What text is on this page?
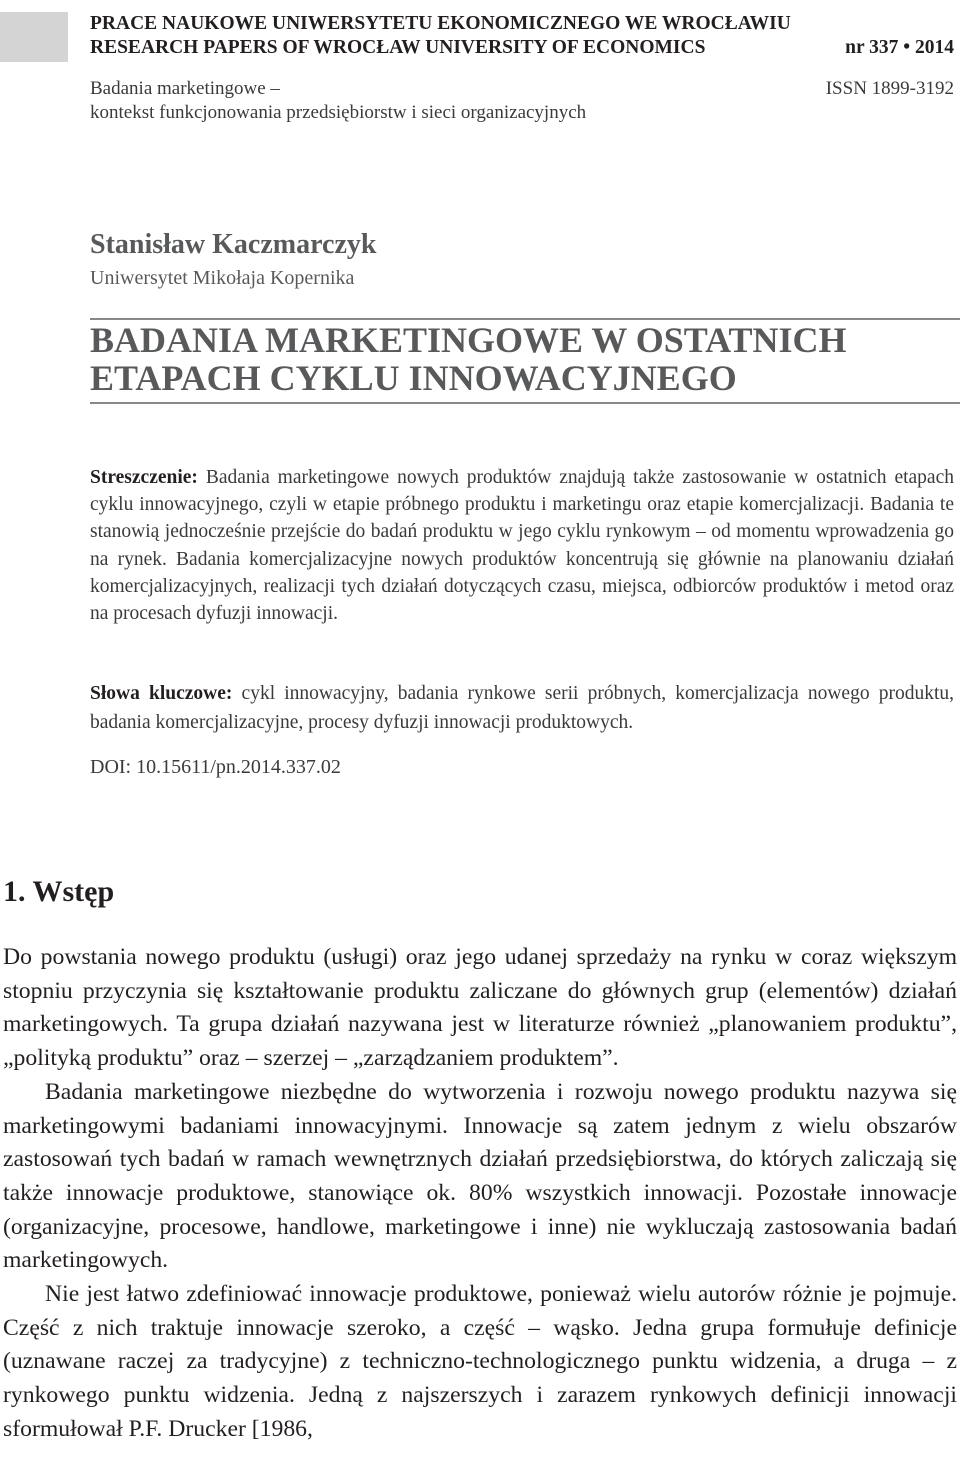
PRACE NAUKOWE UNIWERSYTETU EKONOMICZNEGO WE WROCŁAWIU
RESEARCH PAPERS OF WROCŁAW UNIVERSITY OF ECONOMICS	nr 337 • 2014
Badania marketingowe –	ISSN 1899-3192
kontekst funkcjonowania przedsiębiorstw i sieci organizacyjnych
Stanisław Kaczmarczyk
Uniwersytet Mikołaja Kopernika
BADANIA MARKETINGOWE W OSTATNICH
ETAPACH CYKLU INNOWACYJNEGO
Streszczenie: Badania marketingowe nowych produktów znajdują także zastosowanie w ostatnich etapach cyklu innowacyjnego, czyli w etapie próbnego produktu i marketingu oraz etapie komercjalizacji. Badania te stanowią jednocześnie przejście do badań produktu w jego cyklu rynkowym – od momentu wprowadzenia go na rynek. Badania komercjalizacyjne nowych produktów koncentrują się głównie na planowaniu działań komercjalizacyjnych, realizacji tych działań dotyczących czasu, miejsca, odbiorców produktów i metod oraz na procesach dyfuzji innowacji.
Słowa kluczowe: cykl innowacyjny, badania rynkowe serii próbnych, komercjalizacja nowego produktu, badania komercjalizacyjne, procesy dyfuzji innowacji produktowych.
DOI: 10.15611/pn.2014.337.02
1. Wstęp

Do powstania nowego produktu (usługi) oraz jego udanej sprzedaży na rynku w coraz większym stopniu przyczynia się kształtowanie produktu zaliczane do głównych grup (elementów) działań marketingowych. Ta grupa działań nazywana jest w literaturze również „planowaniem produktu”, „polityką produktu” oraz – szerzej – „zarządzaniem produktem”.

Badania marketingowe niezbędne do wytworzenia i rozwoju nowego produktu nazywa się marketingowymi badaniami innowacyjnymi. Innowacje są zatem jednym z wielu obszarów zastosowań tych badań w ramach wewnętrznych działań przedsiębiorstwa, do których zaliczają się także innowacje produktowe, stanowiące ok. 80% wszystkich innowacji. Pozostałe innowacje (organizacyjne, procesowe, handlowe, marketingowe i inne) nie wykluczają zastosowania badań marketingowych.

Nie jest łatwo zdefiniować innowacje produktowe, ponieważ wielu autorów różnie je pojmuje. Część z nich traktuje innowacje szeroko, a część – wąsko. Jedna grupa formułuje definicje (uznawane raczej za tradycyjne) z techniczno-technologicznego punktu widzenia, a druga – z rynkowego punktu widzenia. Jedną z najszerszych i zarazem rynkowych definicji innowacji sformułował P.F. Drucker [1986,
